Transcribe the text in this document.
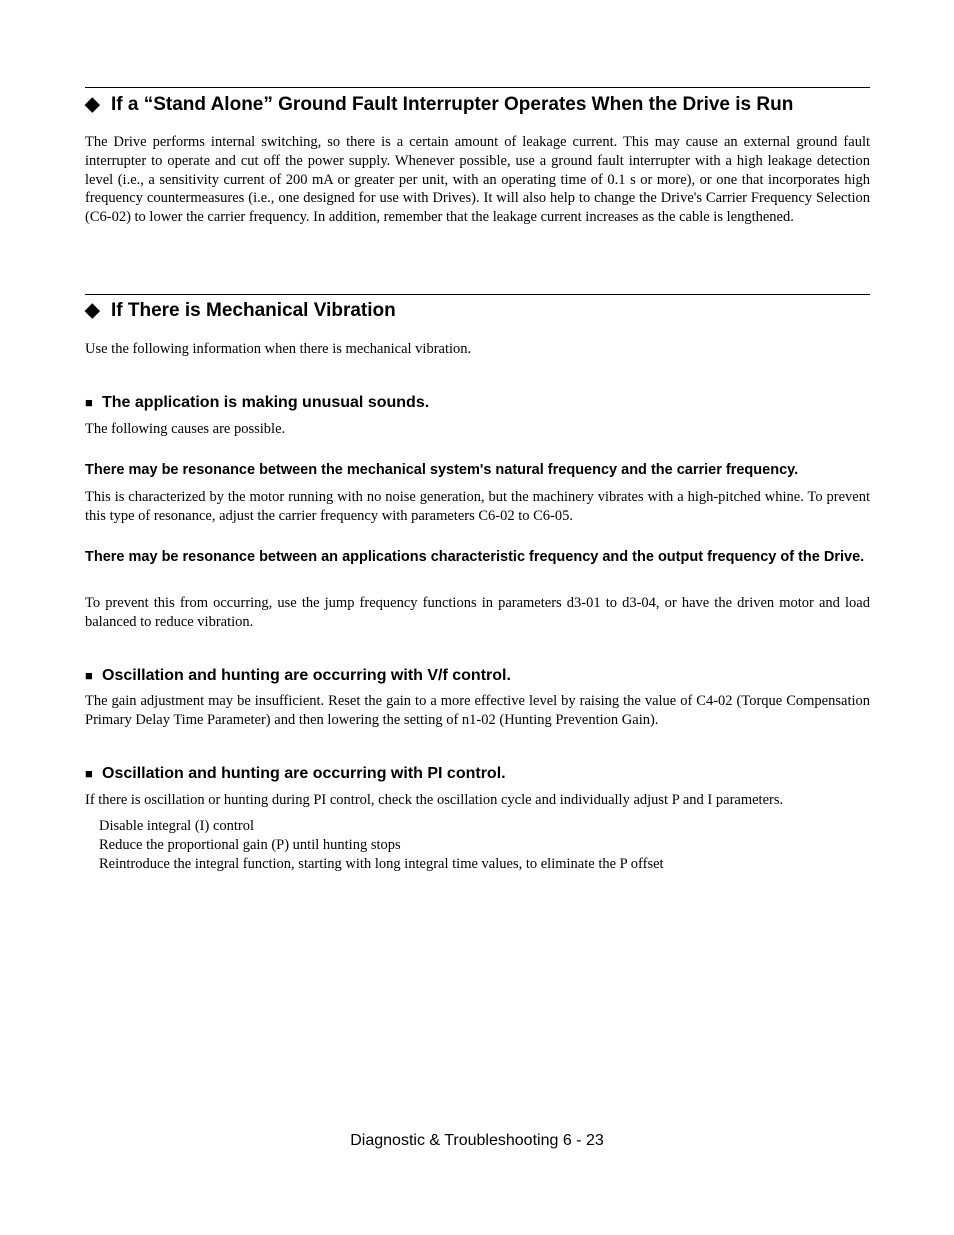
◆ If a “Stand Alone” Ground Fault Interrupter Operates When the Drive is Run

The Drive performs internal switching, so there is a certain amount of leakage current. This may cause an external ground fault interrupter to operate and cut off the power supply. Whenever possible, use a ground fault interrupter with a high leakage detection level (i.e., a sensitivity current of 200 mA or greater per unit, with an operating time of 0.1 s or more), or one that incorporates high frequency countermeasures (i.e., one designed for use with Drives). It will also help to change the Drive's Carrier Frequency Selection (C6-02) to lower the carrier frequency. In addition, remember that the leakage current increases as the cable is lengthened.

◆ If There is Mechanical Vibration

Use the following information when there is mechanical vibration.

■ The application is making unusual sounds.

The following causes are possible.

There may be resonance between the mechanical system's natural frequency and the carrier frequency.

This is characterized by the motor running with no noise generation, but the machinery vibrates with a high-pitched whine. To prevent this type of resonance, adjust the carrier frequency with parameters C6-02 to C6-05.

There may be resonance between an applications characteristic frequency and the output frequency of the Drive.

To prevent this from occurring, use the jump frequency functions in parameters d3-01 to d3-04, or have the driven motor and load balanced to reduce vibration.

■ Oscillation and hunting are occurring with V/f control.

The gain adjustment may be insufficient. Reset the gain to a more effective level by raising the value of C4-02 (Torque Compensation Primary Delay Time Parameter) and then lowering the setting of n1-02 (Hunting Prevention Gain).

■ Oscillation and hunting are occurring with PI control.

If there is oscillation or hunting during PI control, check the oscillation cycle and individually adjust P and I parameters.

Disable integral (I) control
Reduce the proportional gain (P) until hunting stops
Reintroduce the integral function, starting with long integral time values, to eliminate the P offset

Diagnostic & Troubleshooting 6 - 23
